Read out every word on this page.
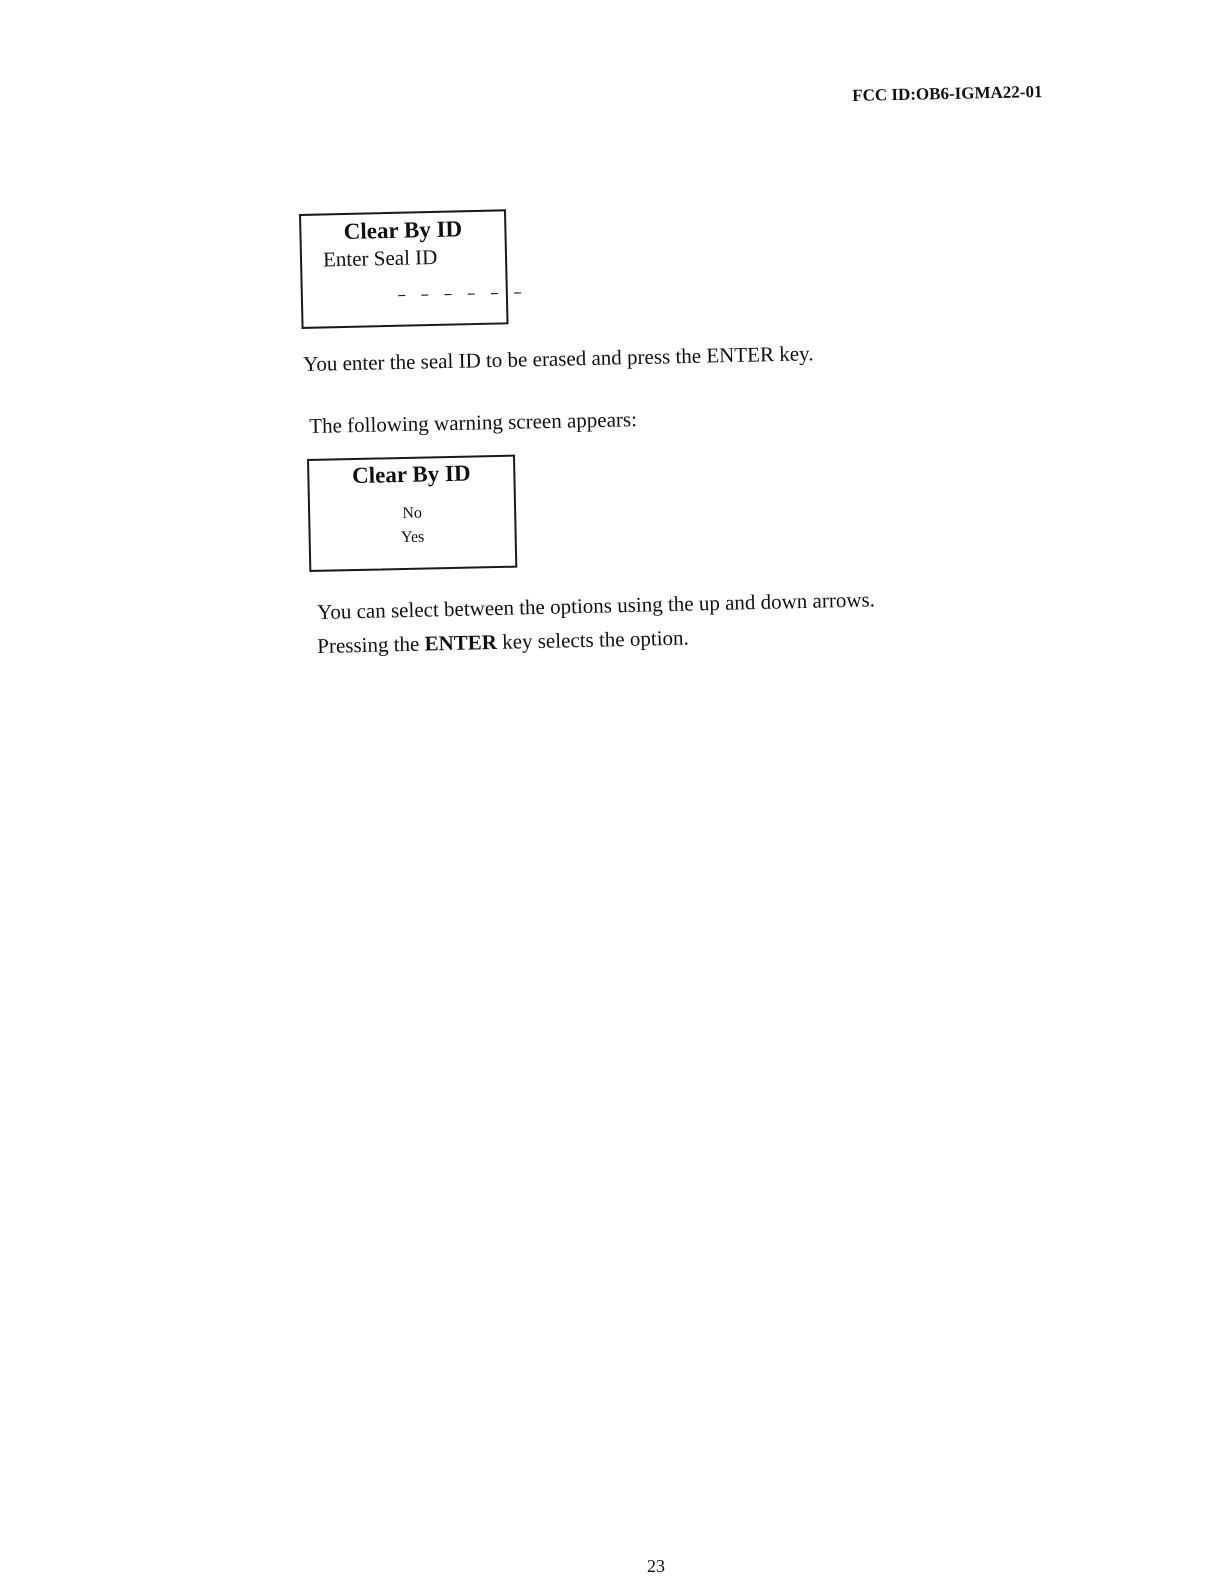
FCC ID:OB6-IGMA22-01
Clear By ID
Enter Seal ID
– – – – – –
You enter the seal ID to be erased and press the ENTER key.
The following warning screen appears:
Clear By ID
No
Yes
You can select between the options using the up and down arrows.
Pressing the ENTER key selects the option.
23
